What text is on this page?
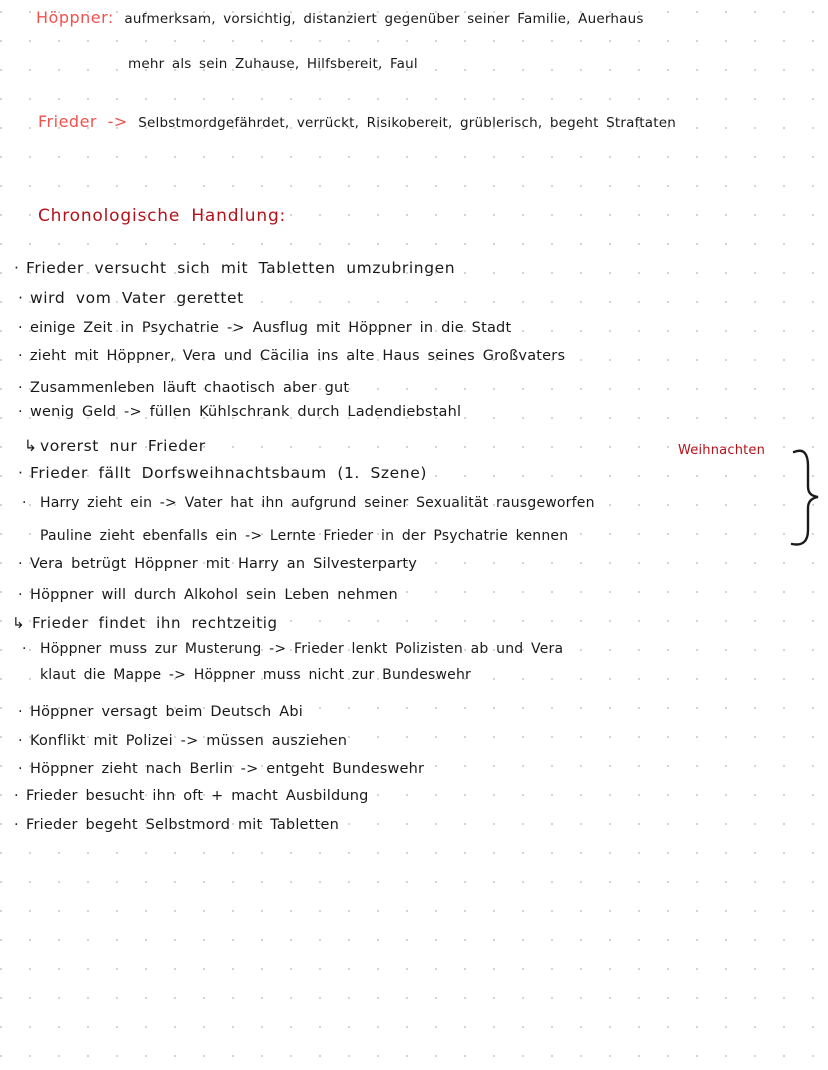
Höppner: aufmerksam, vorsichtig, distanziert gegenüber seiner Familie, Auerhaus
mehr als sein Zuhause, Hilfsbereit, Faul
Frieder -> Selbstmordgefährdet, verrückt, Risikobereit, grüblerisch, begeht Straftaten
Chronologische Handlung:
· Frieder versucht sich mit Tabletten umzubringen
· wird vom Vater gerettet
· einige Zeit in Psychatrie -> Ausflug mit Höppner in die Stadt
· zieht mit Höppner, Vera und Cäcilia ins alte Haus seines Großvaters
· Zusammenleben läuft chaotisch aber gut
· wenig Geld -> füllen Kühlschrank durch Ladendiebstahl
↳ vorerst nur Frieder	Weihnachten
· Frieder fällt Dorfsweihnachtsbaum (1. Szene)
· Harry zieht ein -> Vater hat ihn aufgrund seiner Sexualität rausgeworfen
Pauline zieht ebenfalls ein -> Lernte Frieder in der Psychatrie kennen
· Vera betrügt Höppner mit Harry an Silvesterparty
· Höppner will durch Alkohol sein Leben nehmen
↳ Frieder findet ihn rechtzeitig
· Höppner muss zur Musterung -> Frieder lenkt Polizisten ab und Vera
klaut die Mappe -> Höppner muss nicht zur Bundeswehr
· Höppner versagt beim Deutsch Abi
· Konflikt mit Polizei -> müssen ausziehen
· Höppner zieht nach Berlin -> entgeht Bundeswehr
· Frieder besucht ihn oft + macht Ausbildung
· Frieder begeht Selbstmord mit Tabletten
